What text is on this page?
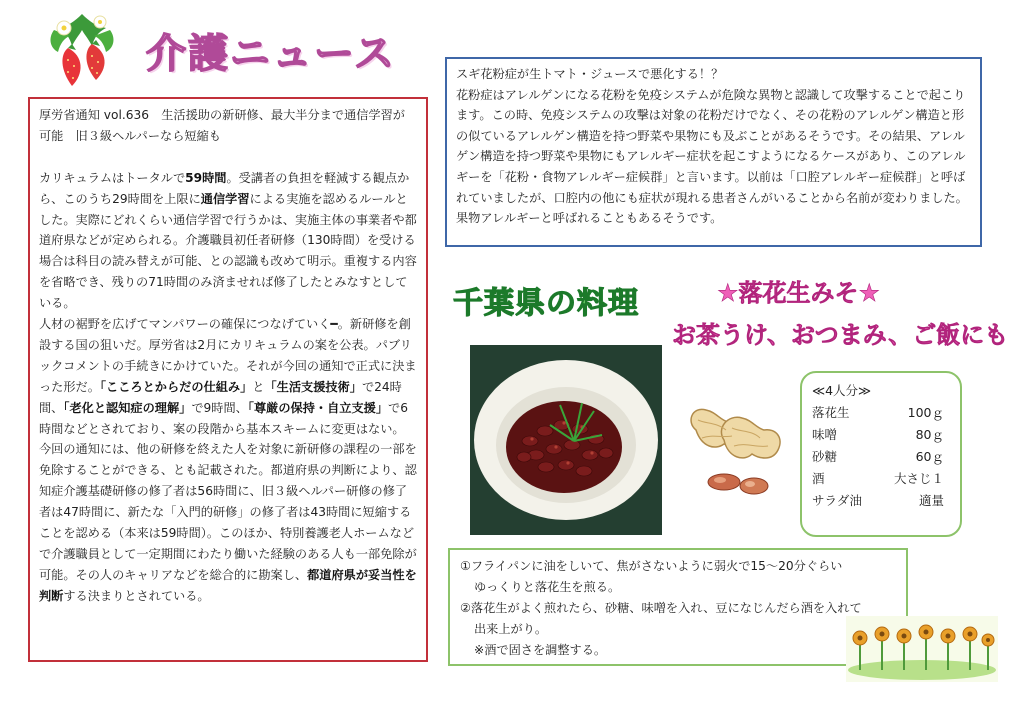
介護ニュース

厚労省通知 vol.636　生活援助の新研修、最大半分まで通信学習が可能　旧３級ヘルパーなら短縮も

カリキュラムはトータルで59時間。受講者の負担を軽減する観点から、このうち29時間を上限に通信学習による実施を認めるルールとした。実際にどれくらい通信学習で行うかは、実施主体の事業者や都道府県などが定められる。介護職員初任者研修（130時間）を受ける場合は科目の読み替えが可能、との認識も改めて明示。重複する内容を省略でき、残りの71時間のみ済ませれば修了したとみなすとしている。

人材の裾野を広げてマンパワーの確保につなげていく━。新研修を創設する国の狙いだ。厚労省は2月にカリキュラムの案を公表。パブリックコメントの手続きにかけていた。それが今回の通知で正式に決まった形だ。「こころとからだの仕組み」と「生活支援技術」で24時間、「老化と認知症の理解」で9時間、「尊厳の保持・自立支援」で6時間などとされており、案の段階から基本スキームに変更はない。

今回の通知には、他の研修を終えた人を対象に新研修の課程の一部を免除することができる、とも記載された。都道府県の判断により、認知症介護基礎研修の修了者は56時間に、旧３級ヘルパー研修の修了者は47時間に、新たな「入門的研修」の修了者は43時間に短縮することを認める（本来は59時間）。このほか、特別養護老人ホームなどで介護職員として一定期間にわたり働いた経験のある人も一部免除が可能。その人のキャリアなどを総合的に勘案し、都道府県が妥当性を判断する決まりとされている。

スギ花粉症が生トマト・ジュースで悪化する！？

花粉症はアレルゲンになる花粉を免疫システムが危険な異物と認識して攻撃することで起こります。この時、免疫システムの攻撃は対象の花粉だけでなく、その花粉のアレルゲン構造と形の似ているアレルゲン構造を持つ野菜や果物にも及ぶことがあるそうです。その結果、アレルゲン構造を持つ野菜や果物にもアレルギー症状を起こすようになるケースがあり、このアレルギーを「花粉・食物アレルギー症候群」と言います。以前は「口腔アレルギー症候群」と呼ばれていましたが、口腔内の他にも症状が現れる患者さんがいることから名前が変わりました。果物アレルギーと呼ばれることもあるそうです。

千葉県の料理	★落花生みそ★
お茶うけ、おつまみ、ご飯にも
≪4人分≫
落花生	100ｇ
味噌	80ｇ
砂糖	60ｇ
酒	大さじ１
サラダ油	適量

①フライパンに油をしいて、焦がさないように弱火で15～20分ぐらい

ゆっくりと落花生を煎る。

②落花生がよく煎れたら、砂糖、味噌を入れ、豆になじんだら酒を入れて

出来上がり。

※酒で固さを調整する。
